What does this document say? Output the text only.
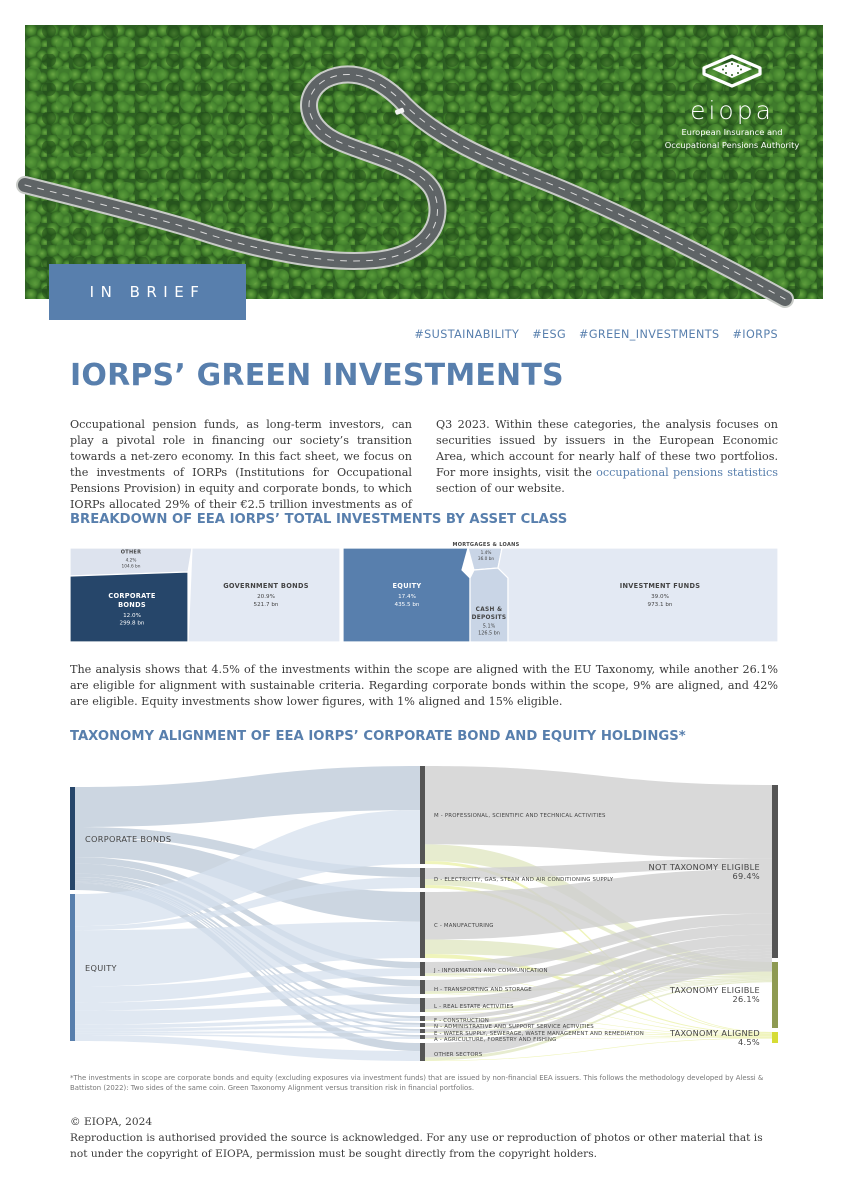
eiopa
European Insurance and
Occupational Pensions Authority
IN BRIEF
#SUSTAINABILITY #ESG #GREEN_INVESTMENTS #IORPS
IORPS’ GREEN INVESTMENTS
Occupational pension funds, as long-term investors, can play a pivotal role in financing our society’s transition towards a net-zero economy. In this fact sheet, we focus on the investments of IORPs (Institutions for Occupational Pensions Provision) in equity and corporate bonds, to which IORPs allocated 29% of their €2.5 trillion investments as of Q3 2023. Within these categories, the analysis focuses on securities issued by issuers in the European Economic Area, which account for nearly half of these two portfolios. For more insights, visit the occupational pensions statistics section of our website.
BREAKDOWN OF EEA IORPS’ TOTAL INVESTMENTS BY ASSET CLASS
OTHER
4.2%
104.6 bn
CORPORATE
BONDS
12.0%
299.8 bn
GOVERNMENT BONDS
20.9%
521.7 bn
EQUITY
17.4%
435.5 bn
MORTGAGES & LOANS
1.4%
36.0 bn
CASH &
DEPOSITS
5.1%
126.5 bn
INVESTMENT FUNDS
39.0%
973.1 bn
The analysis shows that 4.5% of the investments within the scope are aligned with the EU Taxonomy, while another 26.1% are eligible for alignment with sustainable criteria. Regarding corporate bonds within the scope, 9% are aligned, and 42% are eligible. Equity investments show lower figures, with 1% aligned and 15% eligible.
TAXONOMY ALIGNMENT OF EEA IORPS’ CORPORATE BOND AND EQUITY HOLDINGS*
CORPORATE BONDS
EQUITY
M - PROFESSIONAL, SCIENTIFIC AND TECHNICAL ACTIVITIES
D - ELECTRICITY, GAS, STEAM AND AIR CONDITIONING SUPPLY
C - MANUFACTURING
J - INFORMATION AND COMMUNICATION
H - TRANSPORTING AND STORAGE
L - REAL ESTATE ACTIVITIES
F - CONSTRUCTION
N - ADMINISTRATIVE AND SUPPORT SERVICE ACTIVITIES
E - WATER SUPPLY, SEWERAGE, WASTE MANAGEMENT AND REMEDIATION
A - AGRICULTURE, FORESTRY AND FISHING
OTHER SECTORS
NOT TAXONOMY ELIGIBLE
69.4%
TAXONOMY ELIGIBLE
26.1%
TAXONOMY ALIGNED
4.5%
*The investments in scope are corporate bonds and equity (excluding exposures via investment funds) that are issued by non-financial EEA issuers. This follows the methodology developed by Alessi & Battiston (2022): Two sides of the same coin. Green Taxonomy Alignment versus transition risk in financial portfolios.
© EIOPA, 2024
Reproduction is authorised provided the source is acknowledged. For any use or reproduction of photos or other material that is not under the copyright of EIOPA, permission must be sought directly from the copyright holders.
